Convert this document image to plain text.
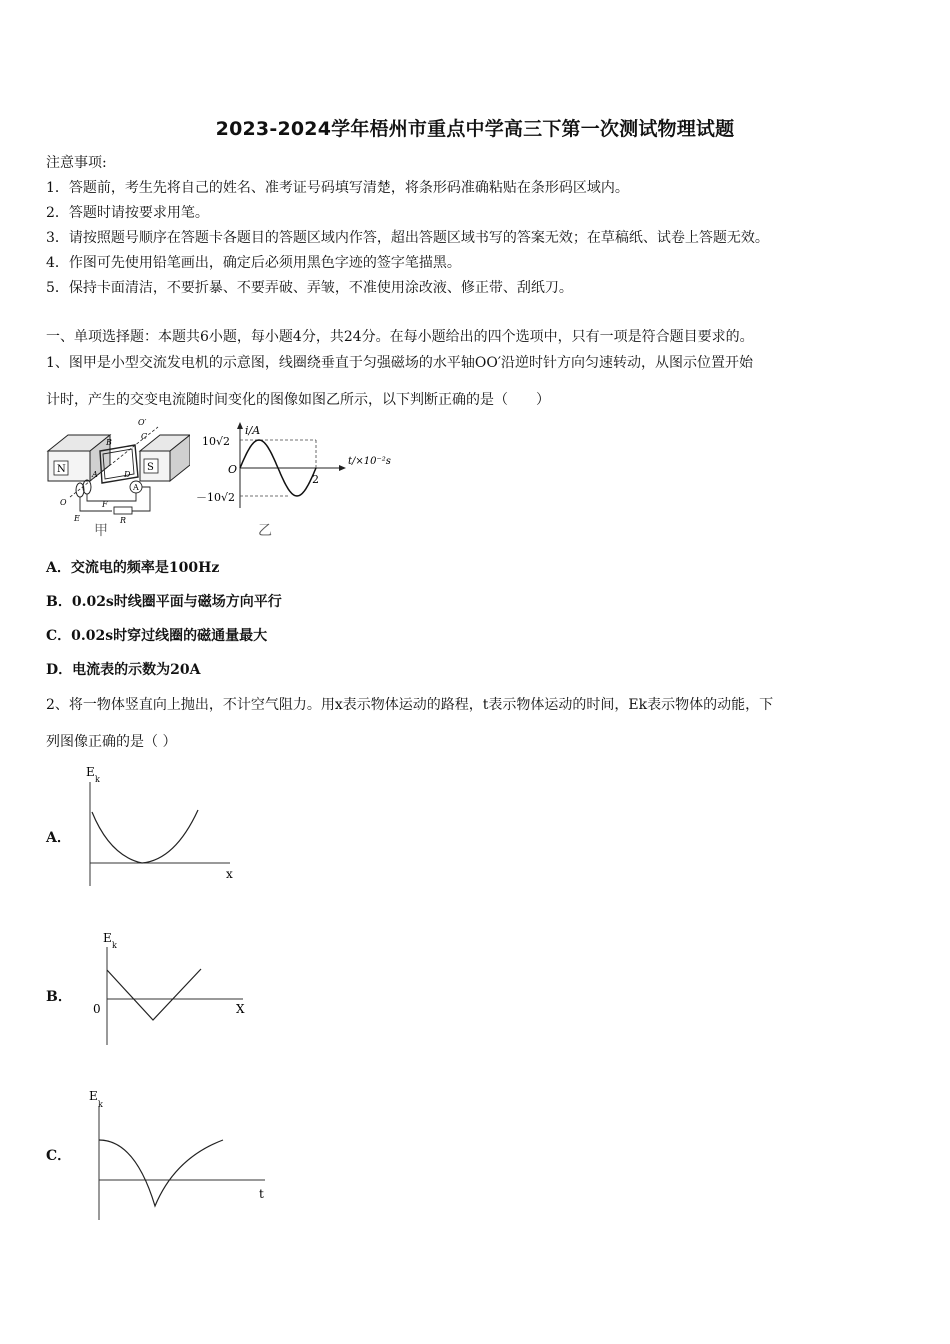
2023-2024学年梧州市重点中学高三下第一次测试物理试题
注意事项:
1．答题前，考生先将自己的姓名、准考证号码填写清楚，将条形码准确粘贴在条形码区域内。
2．答题时请按要求用笔。
3．请按照题号顺序在答题卡各题目的答题区域内作答，超出答题区域书写的答案无效；在草稿纸、试卷上答题无效。
4．作图可先使用铅笔画出，确定后必须用黑色字迹的签字笔描黑。
5．保持卡面清洁，不要折暴、不要弄破、弄皱，不准使用涂改液、修正带、刮纸刀。
一、单项选择题：本题共6小题，每小题4分，共24分。在每小题给出的四个选项中，只有一项是符合题目要求的。
1、图甲是小型交流发电机的示意图，线圈绕垂直于匀强磁场的水平轴OO′沿逆时针方向匀速转动，从图示位置开始
计时，产生的交变电流随时间变化的图像如图乙所示，以下判断正确的是（　　）
N	S
O′
O
B
C
D
A
A
E
F
R
甲
i/A
t/×10⁻²s
10√2
－10√2
O
2
乙
A．交流电的频率是100Hz
B．0.02s时线圈平面与磁场方向平行
C．0.02s时穿过线圈的磁通量最大
D．电流表的示数为20A
2、将一物体竖直向上抛出，不计空气阻力。用x表示物体运动的路程，t表示物体运动的时间，Ek表示物体的动能，下
列图像正确的是（ ）
A．
E
k
x
B．
E
k
0	X
C．
E
k
t
